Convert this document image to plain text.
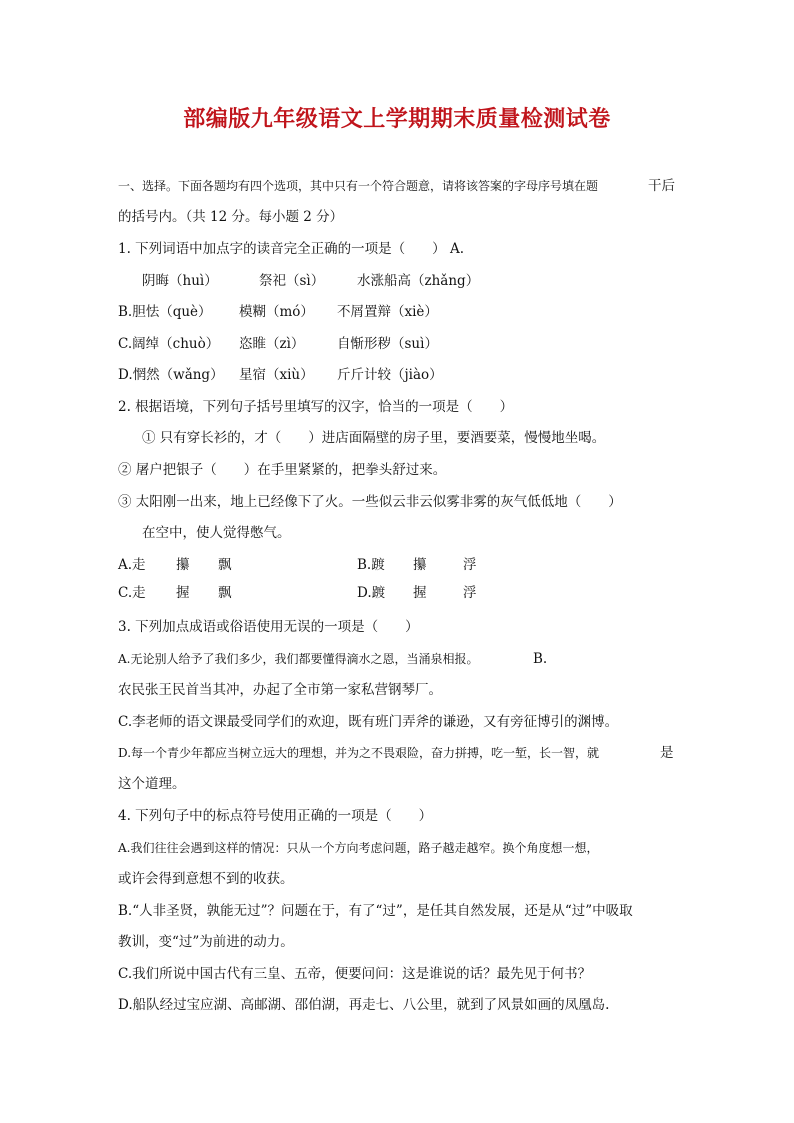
部编版九年级语文上学期期末质量检测试卷
一、选择。下面各题均有四个选项，其中只有一个符合题意，请将该答案的字母序号填在题	干后
的括号内。（共 12 分。每小题 2 分）
1. 下列词语中加点字的读音完全正确的一项是（　　） A.
阴晦（huì）	祭祀（sì） 水涨船高（zhǎng）
B.胆怯（què） 模糊（mó） 不屑置辩（xiè）
C.阔绰（chuò） 恣睢（zì） 自惭形秽（suì）
D.惘然（wǎng） 星宿（xiù） 斤斤计较（jiào）
2. 根据语境，下列句子括号里填写的汉字，恰当的一项是（　　）
① 只有穿长衫的，才（　　）进店面隔壁的房子里，要酒要菜，慢慢地坐喝。
② 屠户把银子（　　）在手里紧紧的，把拳头舒过来。
③ 太阳刚一出来，地上已经像下了火。一些似云非云似雾非雾的灰气低低地（　　）
在空中，使人觉得憋气。
A.走 攥 飘	B.踱 攥	浮
C.走 握 飘	D.踱 握	浮
3. 下列加点成语或俗语使用无误的一项是（　　）
A.无论别人给予了我们多少，我们都要懂得滴水之恩，当涌泉相报。	B.
农民张王民首当其冲，办起了全市第一家私营钢琴厂。
C.李老师的语文课最受同学们的欢迎，既有班门弄斧的谦逊，又有旁征博引的渊博。
D.每一个青少年都应当树立远大的理想，并为之不畏艰险，奋力拼搏，吃一堑，长一智，就	是
这个道理。
4. 下列句子中的标点符号使用正确的一项是（　　）
A.我们往往会遇到这样的情况：只从一个方向考虑问题，路子越走越窄。换个角度想一想，
或许会得到意想不到的收获。
B.“人非圣贤，孰能无过”？问题在于，有了“过”，是任其自然发展，还是从“过”中吸取
教训，变“过”为前进的动力。
C.我们所说中国古代有三皇、五帝，便要问问：这是谁说的话？最先见于何书？
D.船队经过宝应湖、高邮湖、邵伯湖，再走七、八公里，就到了风景如画的凤凰岛.
